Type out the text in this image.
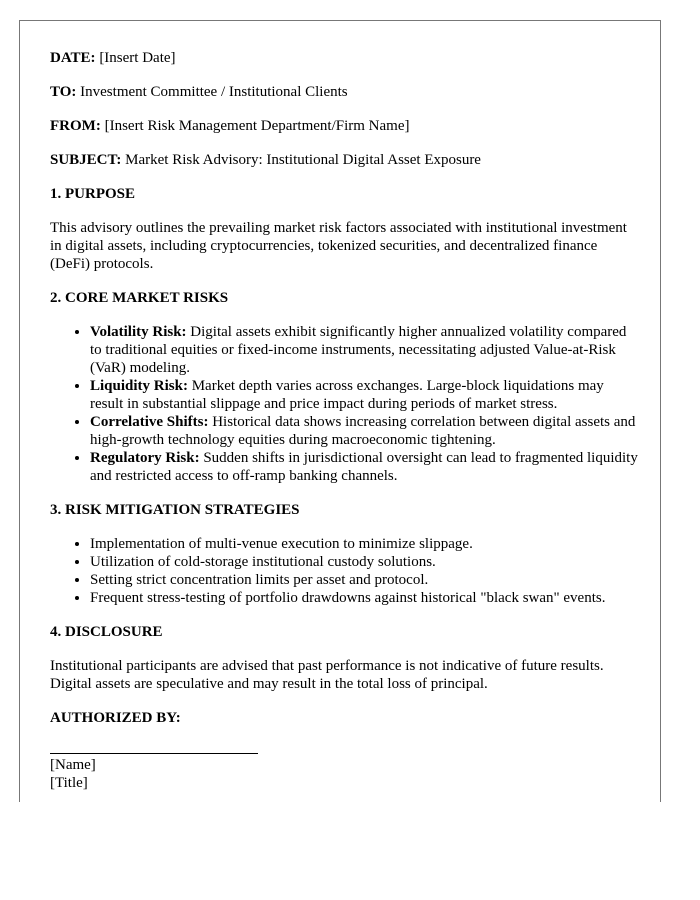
DATE: [Insert Date]
TO: Investment Committee / Institutional Clients
FROM: [Insert Risk Management Department/Firm Name]
SUBJECT: Market Risk Advisory: Institutional Digital Asset Exposure
1. PURPOSE

This advisory outlines the prevailing market risk factors associated with institutional investment in digital assets, including cryptocurrencies, tokenized securities, and decentralized finance (DeFi) protocols.

2. CORE MARKET RISKS
• Volatility Risk: Digital assets exhibit significantly higher annualized volatility compared to traditional equities or fixed-income instruments, necessitating adjusted Value-at-Risk (VaR) modeling.
• Liquidity Risk: Market depth varies across exchanges. Large-block liquidations may result in substantial slippage and price impact during periods of market stress.
• Correlative Shifts: Historical data shows increasing correlation between digital assets and high-growth technology equities during macroeconomic tightening.
• Regulatory Risk: Sudden shifts in jurisdictional oversight can lead to fragmented liquidity and restricted access to off-ramp banking channels.
3. RISK MITIGATION STRATEGIES
• Implementation of multi-venue execution to minimize slippage.
• Utilization of cold-storage institutional custody solutions.
• Setting strict concentration limits per asset and protocol.
• Frequent stress-testing of portfolio drawdowns against historical "black swan" events.
4. DISCLOSURE

Institutional participants are advised that past performance is not indicative of future results. Digital assets are speculative and may result in the total loss of principal.

AUTHORIZED BY:
[Name]
[Title]
